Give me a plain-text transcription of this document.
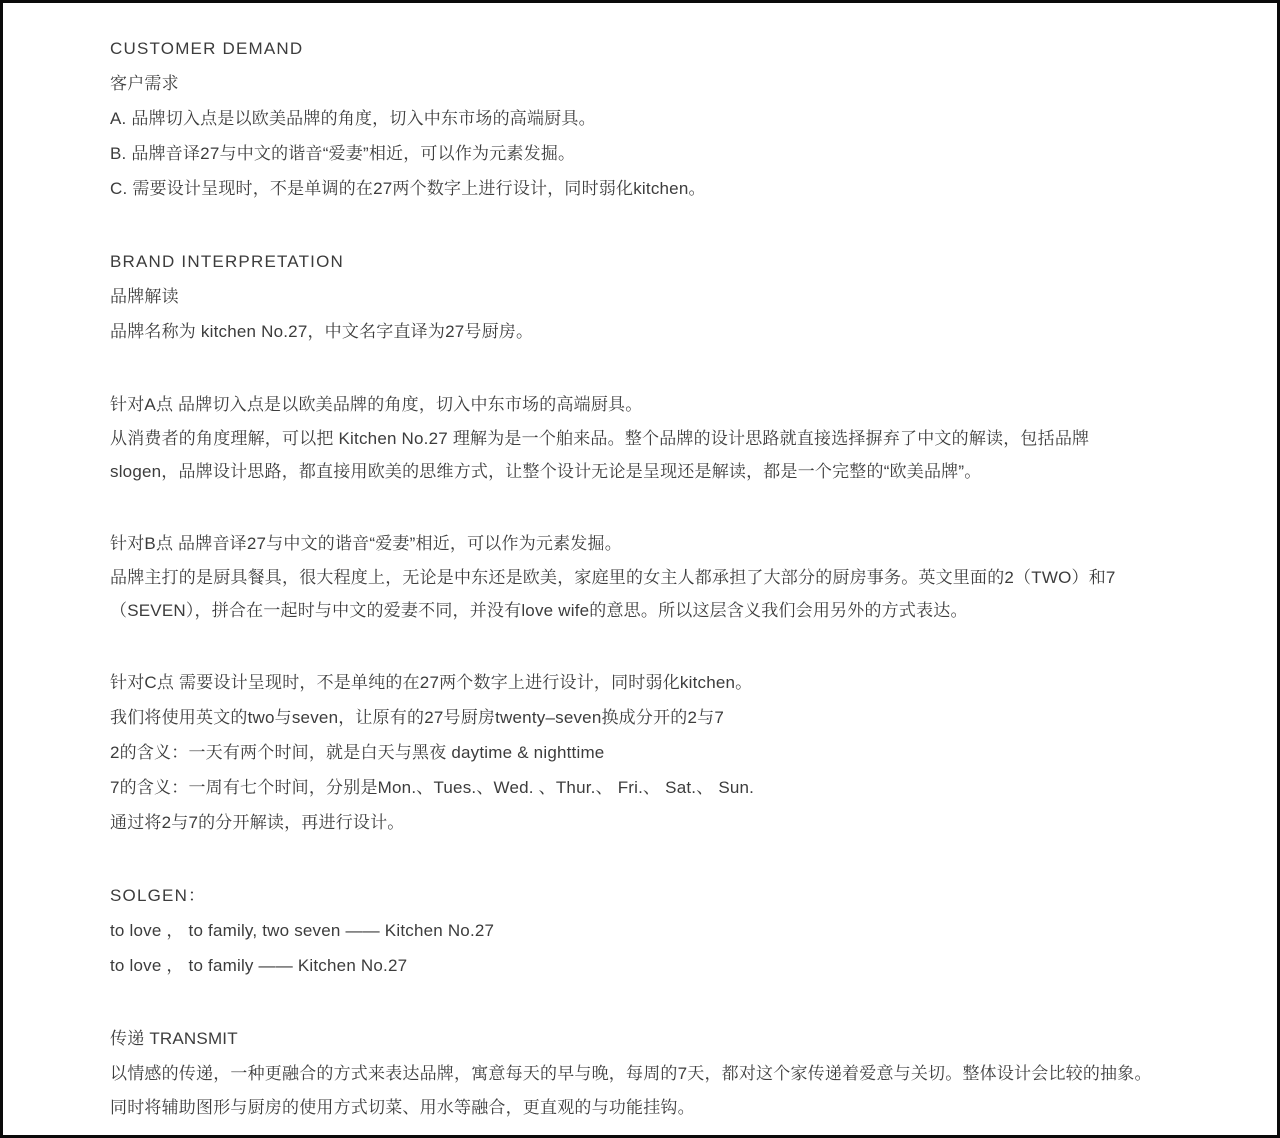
CUSTOMER DEMAND
客户需求
A. 品牌切入点是以欧美品牌的角度，切入中东市场的高端厨具。
B. 品牌音译27与中文的谐音“爱妻”相近，可以作为元素发掘。
C. 需要设计呈现时，不是单调的在27两个数字上进行设计，同时弱化kitchen。
BRAND INTERPRETATION
品牌解读
品牌名称为 kitchen No.27，中文名字直译为27号厨房。
针对A点 品牌切入点是以欧美品牌的角度，切入中东市场的高端厨具。
从消费者的角度理解，可以把 Kitchen No.27 理解为是一个舶来品。整个品牌的设计思路就直接选择摒弃了中文的解读，包括品牌
slogen，品牌设计思路，都直接用欧美的思维方式，让整个设计无论是呈现还是解读，都是一个完整的“欧美品牌”。
针对B点 品牌音译27与中文的谐音“爱妻”相近，可以作为元素发掘。
品牌主打的是厨具餐具，很大程度上，无论是中东还是欧美，家庭里的女主人都承担了大部分的厨房事务。英文里面的2（TWO）和7
（SEVEN），拼合在一起时与中文的爱妻不同，并没有love wife的意思。所以这层含义我们会用另外的方式表达。
针对C点 需要设计呈现时，不是单纯的在27两个数字上进行设计，同时弱化kitchen。
我们将使用英文的two与seven，让原有的27号厨房twenty–seven换成分开的2与7
2的含义：一天有两个时间，就是白天与黑夜 daytime & nighttime
7的含义：一周有七个时间，分别是Mon.、Tues.、Wed. 、Thur.、 Fri.、 Sat.、 Sun.
通过将2与7的分开解读，再进行设计。
SOLGEN：
to love ， to family, two seven —— Kitchen No.27
to love ， to family —— Kitchen No.27
传递 TRANSMIT
以情感的传递，一种更融合的方式来表达品牌，寓意每天的早与晚，每周的7天，都对这个家传递着爱意与关切。整体设计会比较的抽象。
同时将辅助图形与厨房的使用方式切菜、用水等融合，更直观的与功能挂钩。
